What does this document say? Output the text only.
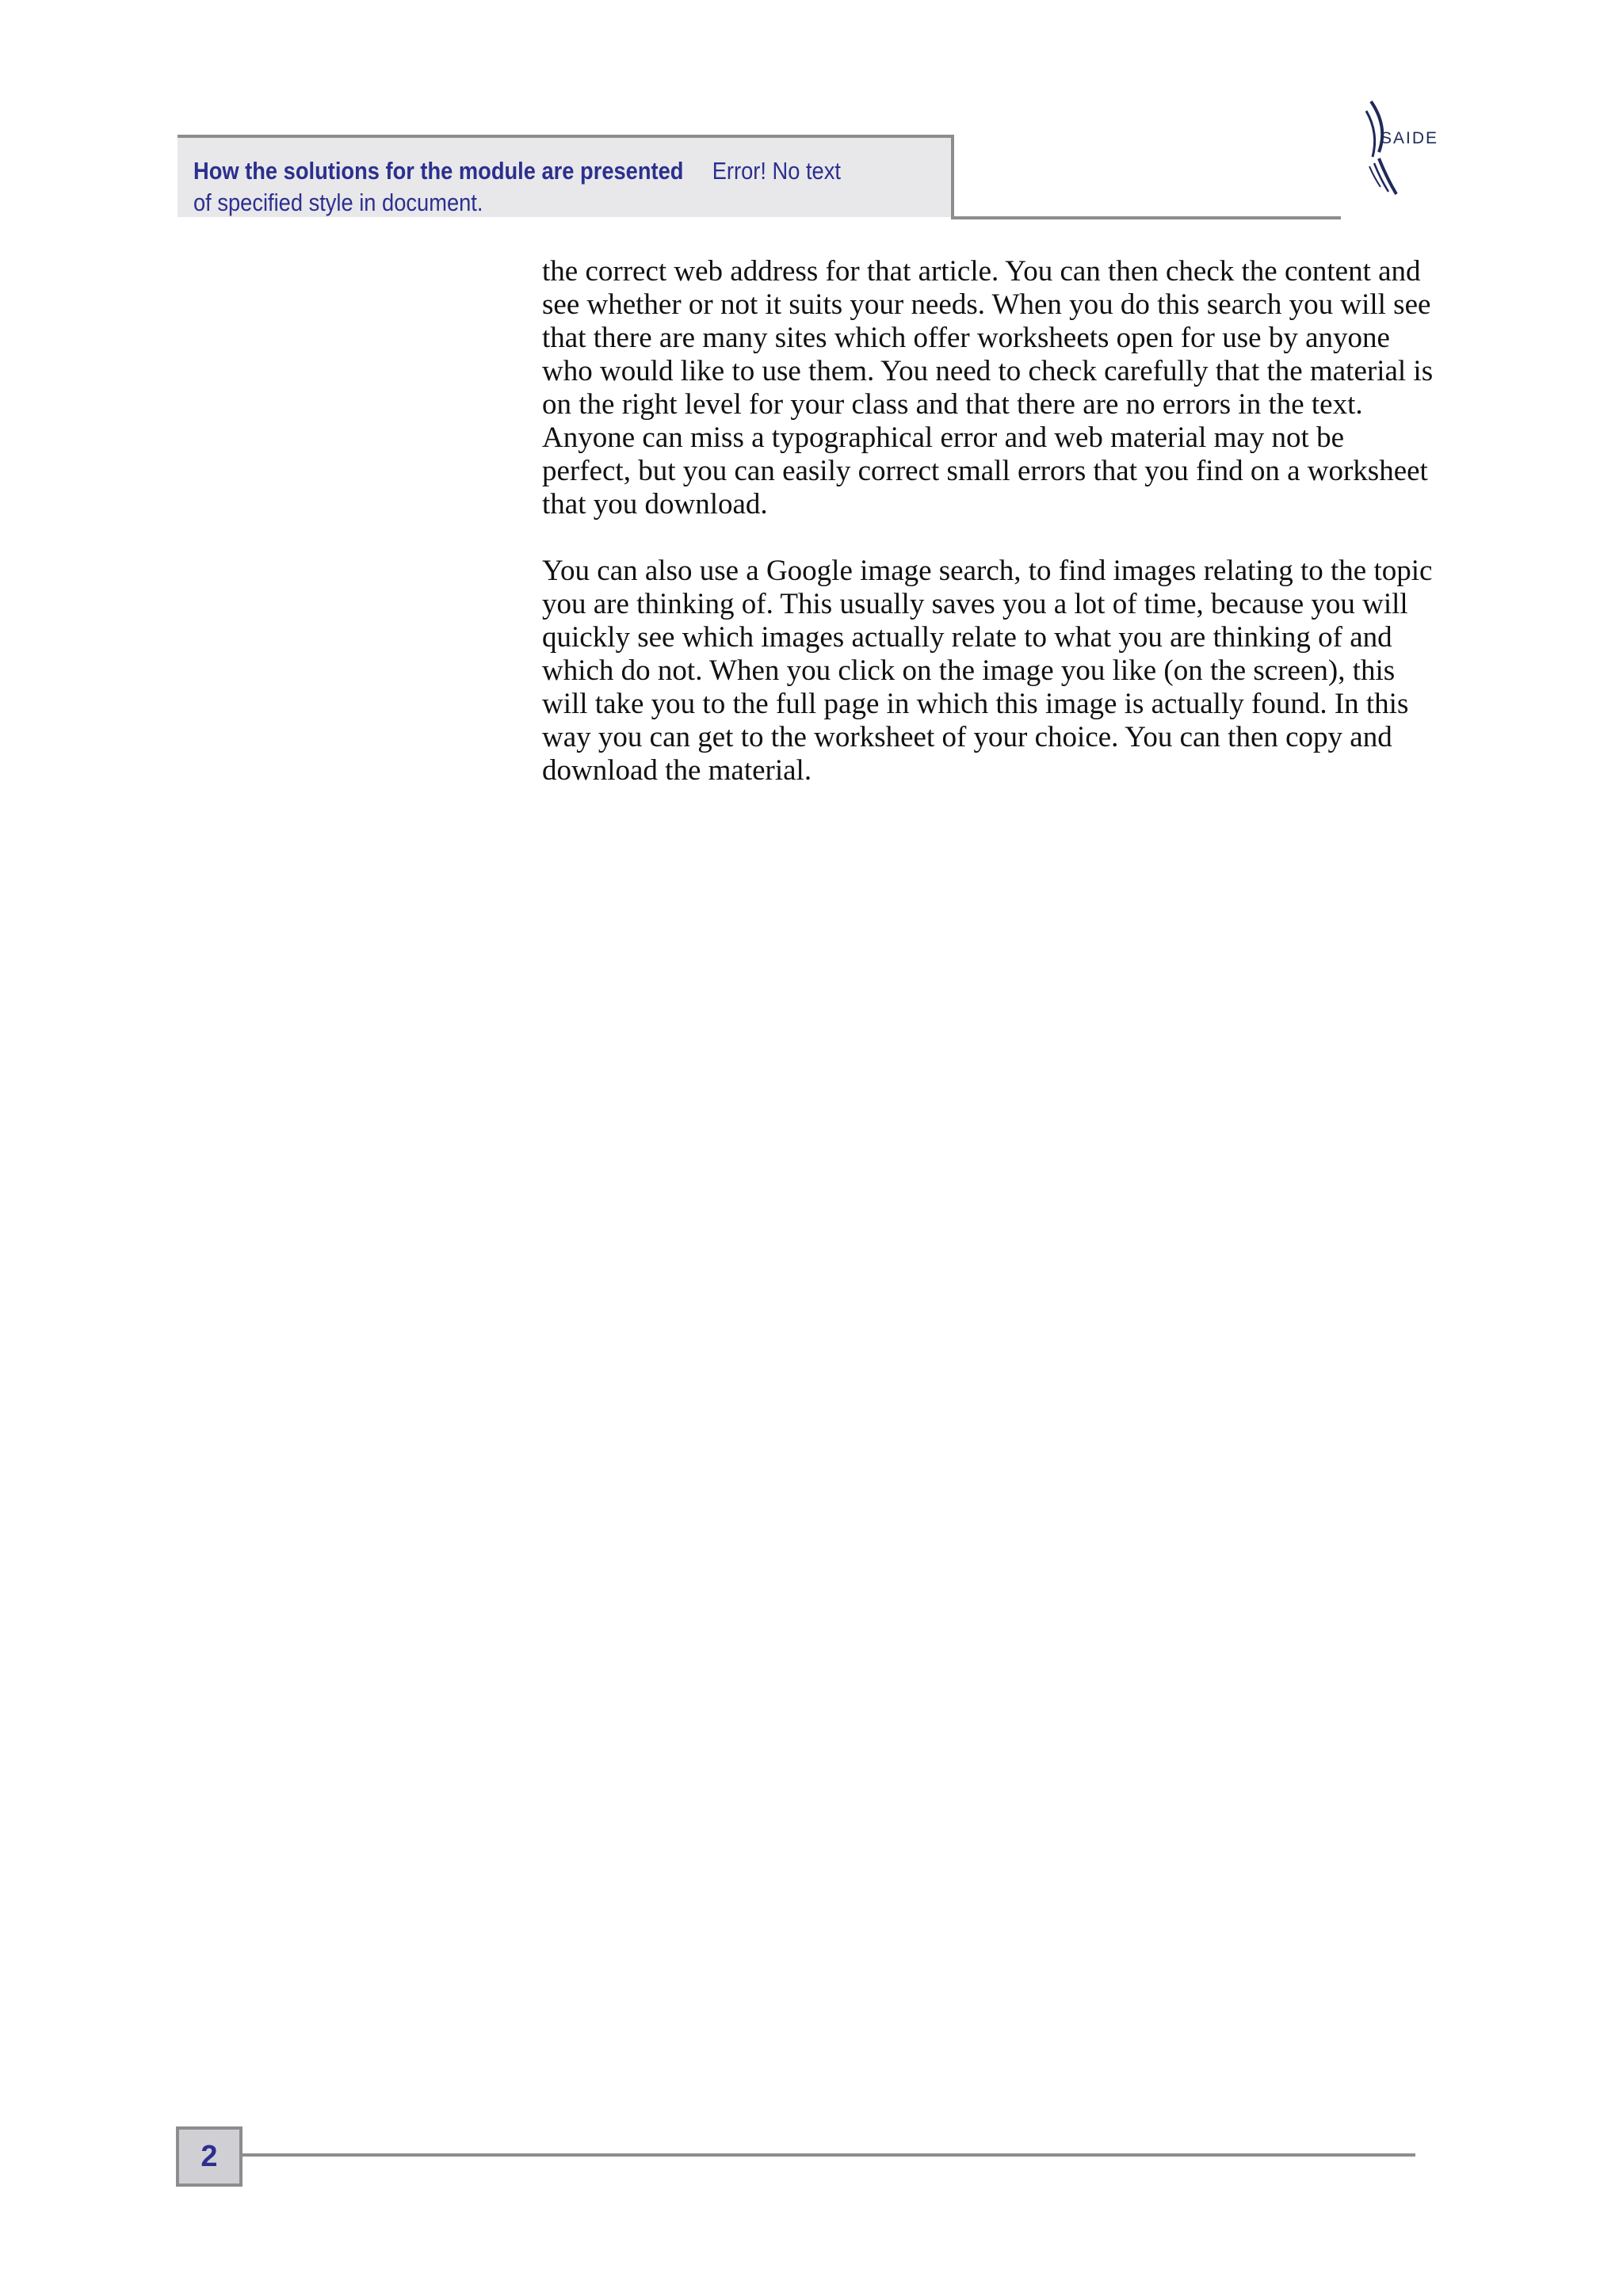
How the solutions for the module are presented Error! No text
of specified style in document.
SAIDE

the correct web address for that article. You can then check the content and see whether or not it suits your needs. When you do this search you will see that there are many sites which offer worksheets open for use by anyone who would like to use them. You need to check carefully that the material is on the right level for your class and that there are no errors in the text. Anyone can miss a typographical error and web material may not be perfect, but you can easily correct small errors that you find on a worksheet that you download.

You can also use a Google image search, to find images relating to the topic you are thinking of. This usually saves you a lot of time, because you will quickly see which images actually relate to what you are thinking of and which do not. When you click on the image you like (on the screen), this will take you to the full page in which this image is actually found. In this way you can get to the worksheet of your choice. You can then copy and download the material.

2
